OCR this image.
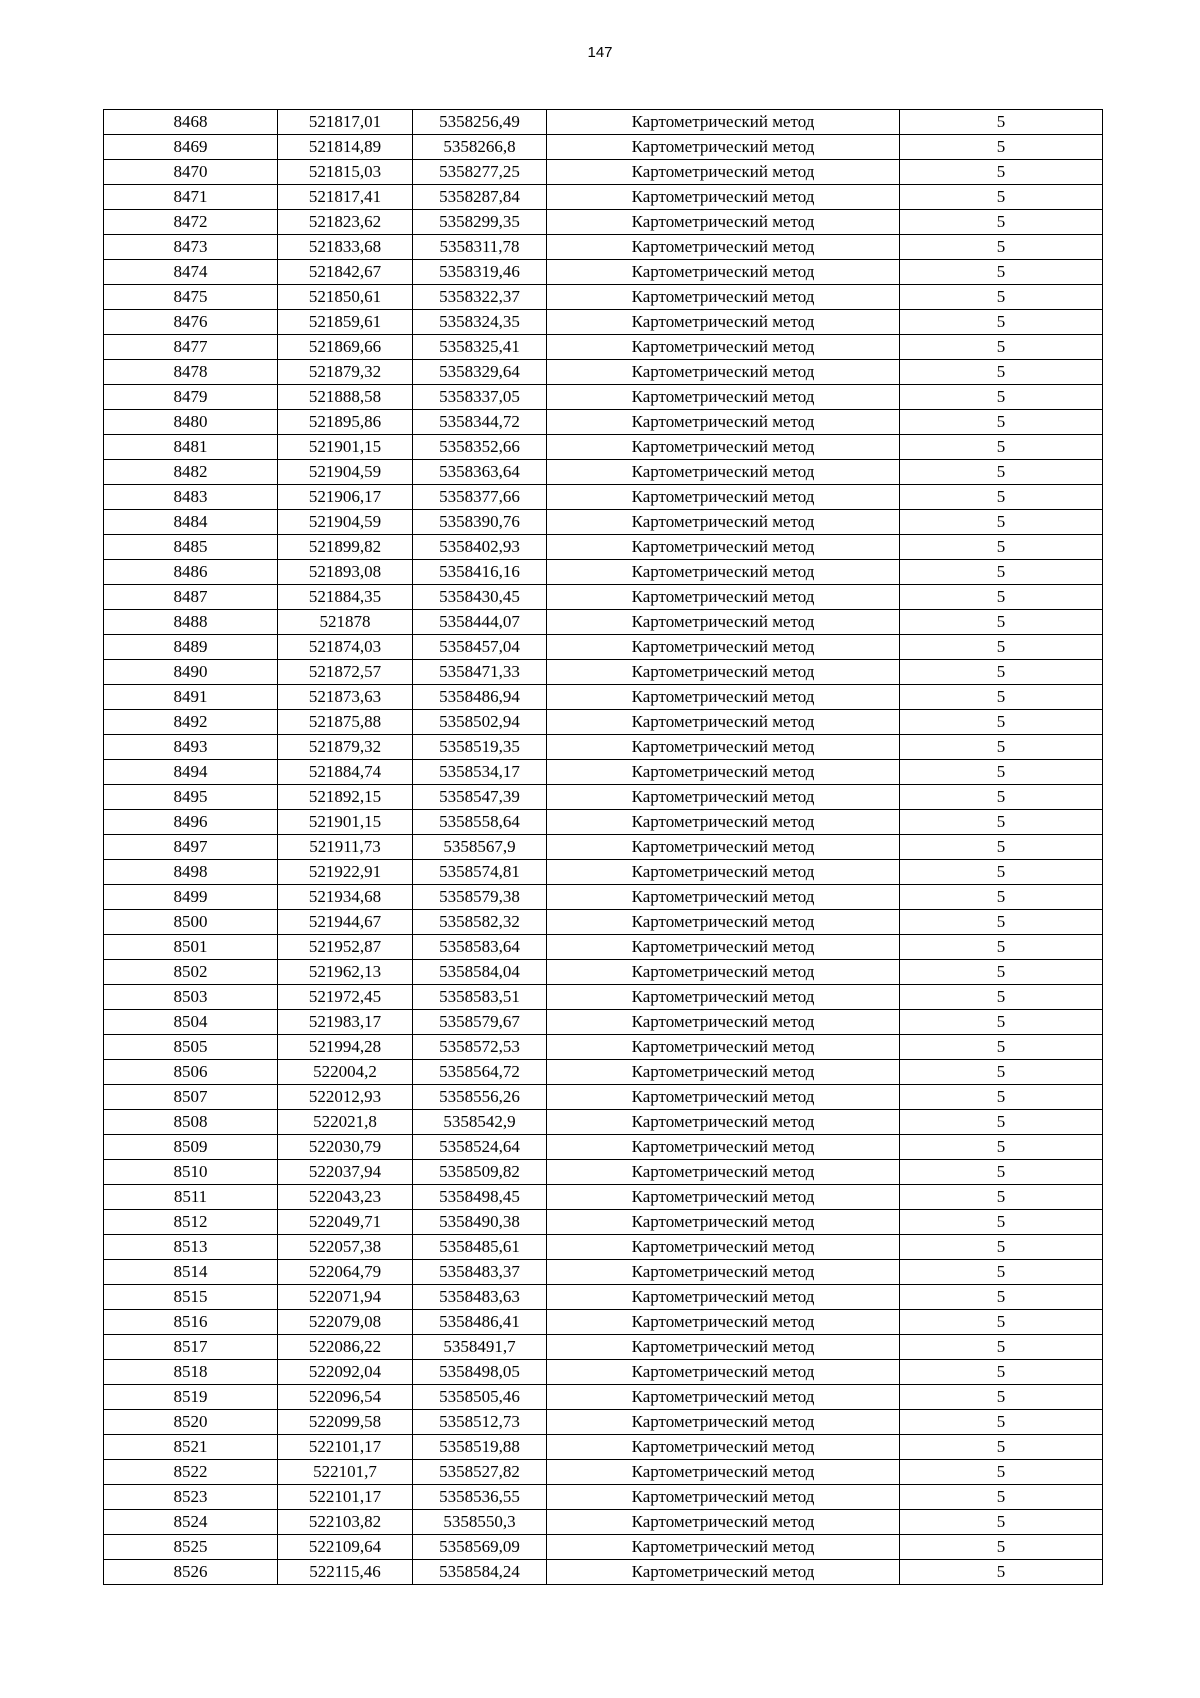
147
8468	521817,01	5358256,49	Картометрический метод	5
8469	521814,89	5358266,8	Картометрический метод	5
8470	521815,03	5358277,25	Картометрический метод	5
8471	521817,41	5358287,84	Картометрический метод	5
8472	521823,62	5358299,35	Картометрический метод	5
8473	521833,68	5358311,78	Картометрический метод	5
8474	521842,67	5358319,46	Картометрический метод	5
8475	521850,61	5358322,37	Картометрический метод	5
8476	521859,61	5358324,35	Картометрический метод	5
8477	521869,66	5358325,41	Картометрический метод	5
8478	521879,32	5358329,64	Картометрический метод	5
8479	521888,58	5358337,05	Картометрический метод	5
8480	521895,86	5358344,72	Картометрический метод	5
8481	521901,15	5358352,66	Картометрический метод	5
8482	521904,59	5358363,64	Картометрический метод	5
8483	521906,17	5358377,66	Картометрический метод	5
8484	521904,59	5358390,76	Картометрический метод	5
8485	521899,82	5358402,93	Картометрический метод	5
8486	521893,08	5358416,16	Картометрический метод	5
8487	521884,35	5358430,45	Картометрический метод	5
8488	521878	5358444,07	Картометрический метод	5
8489	521874,03	5358457,04	Картометрический метод	5
8490	521872,57	5358471,33	Картометрический метод	5
8491	521873,63	5358486,94	Картометрический метод	5
8492	521875,88	5358502,94	Картометрический метод	5
8493	521879,32	5358519,35	Картометрический метод	5
8494	521884,74	5358534,17	Картометрический метод	5
8495	521892,15	5358547,39	Картометрический метод	5
8496	521901,15	5358558,64	Картометрический метод	5
8497	521911,73	5358567,9	Картометрический метод	5
8498	521922,91	5358574,81	Картометрический метод	5
8499	521934,68	5358579,38	Картометрический метод	5
8500	521944,67	5358582,32	Картометрический метод	5
8501	521952,87	5358583,64	Картометрический метод	5
8502	521962,13	5358584,04	Картометрический метод	5
8503	521972,45	5358583,51	Картометрический метод	5
8504	521983,17	5358579,67	Картометрический метод	5
8505	521994,28	5358572,53	Картометрический метод	5
8506	522004,2	5358564,72	Картометрический метод	5
8507	522012,93	5358556,26	Картометрический метод	5
8508	522021,8	5358542,9	Картометрический метод	5
8509	522030,79	5358524,64	Картометрический метод	5
8510	522037,94	5358509,82	Картометрический метод	5
8511	522043,23	5358498,45	Картометрический метод	5
8512	522049,71	5358490,38	Картометрический метод	5
8513	522057,38	5358485,61	Картометрический метод	5
8514	522064,79	5358483,37	Картометрический метод	5
8515	522071,94	5358483,63	Картометрический метод	5
8516	522079,08	5358486,41	Картометрический метод	5
8517	522086,22	5358491,7	Картометрический метод	5
8518	522092,04	5358498,05	Картометрический метод	5
8519	522096,54	5358505,46	Картометрический метод	5
8520	522099,58	5358512,73	Картометрический метод	5
8521	522101,17	5358519,88	Картометрический метод	5
8522	522101,7	5358527,82	Картометрический метод	5
8523	522101,17	5358536,55	Картометрический метод	5
8524	522103,82	5358550,3	Картометрический метод	5
8525	522109,64	5358569,09	Картометрический метод	5
8526	522115,46	5358584,24	Картометрический метод	5
